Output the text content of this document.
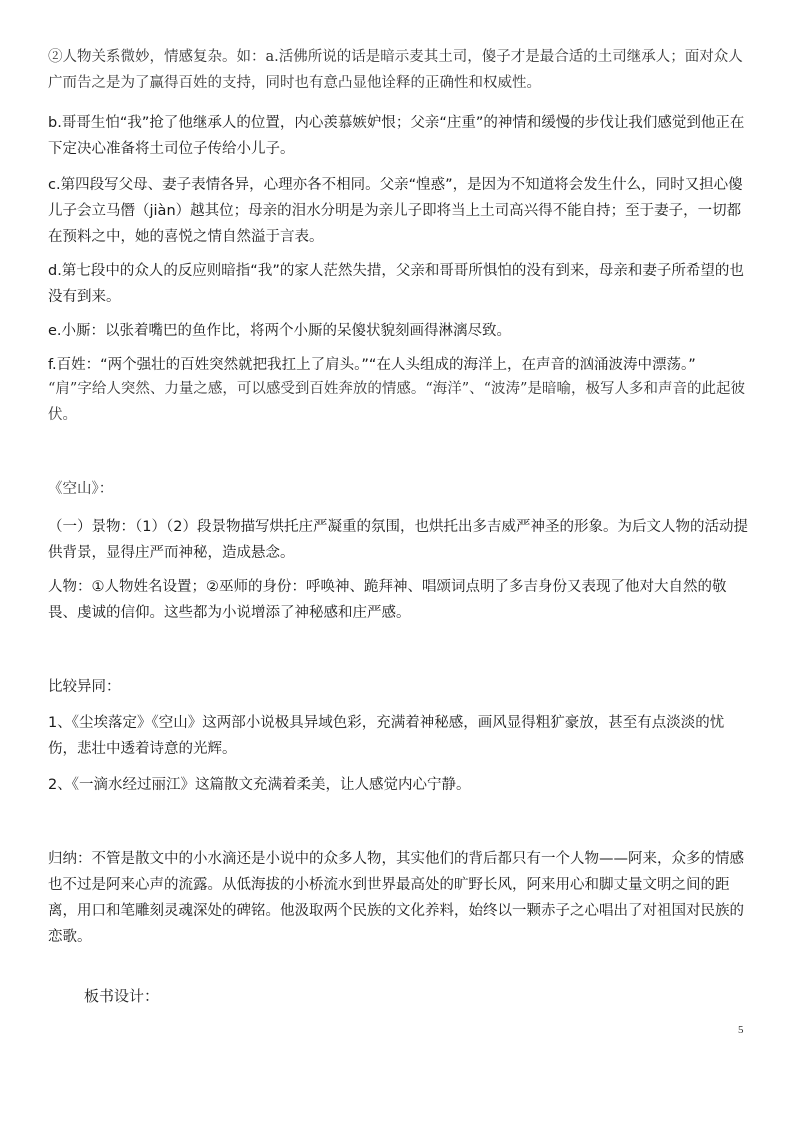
②人物关系微妙，情感复杂。如：a.活佛所说的话是暗示麦其土司，傻子才是最合适的土司继承人；面对众人广而告之是为了赢得百姓的支持，同时也有意凸显他诠释的正确性和权威性。

b.哥哥生怕“我”抢了他继承人的位置，内心羡慕嫉妒恨；父亲“庄重”的神情和缓慢的步伐让我们感觉到他正在下定决心准备将土司位子传给小儿子。

c.第四段写父母、妻子表情各异，心理亦各不相同。父亲“惶惑”，是因为不知道将会发生什么，同时又担心傻儿子会立马僭（jiàn）越其位；母亲的泪水分明是为亲儿子即将当上土司高兴得不能自持；至于妻子，一切都在预料之中，她的喜悦之情自然溢于言表。

d.第七段中的众人的反应则暗指“我”的家人茫然失措，父亲和哥哥所惧怕的没有到来，母亲和妻子所希望的也没有到来。

e.小厮：以张着嘴巴的鱼作比，将两个小厮的呆傻状貌刻画得淋漓尽致。

f.百姓：“两个强壮的百姓突然就把我扛上了肩头。”“在人头组成的海洋上，在声音的汹涌波涛中漂荡。”

“肩”字给人突然、力量之感，可以感受到百姓奔放的情感。“海洋”、“波涛”是暗喻，极写人多和声音的此起彼伏。

《空山》：

（一）景物：（1）（2）段景物描写烘托庄严凝重的氛围，也烘托出多吉威严神圣的形象。为后文人物的活动提供背景，显得庄严而神秘，造成悬念。

人物：①人物姓名设置；②巫师的身份：呼唤神、跪拜神、唱颂词点明了多吉身份又表现了他对大自然的敬畏、虔诚的信仰。这些都为小说增添了神秘感和庄严感。

比较异同：

1、《尘埃落定》《空山》这两部小说极具异域色彩，充满着神秘感，画风显得粗犷豪放，甚至有点淡淡的忧伤，悲壮中透着诗意的光辉。

2、《一滴水经过丽江》这篇散文充满着柔美，让人感觉内心宁静。

归纳：不管是散文中的小水滴还是小说中的众多人物，其实他们的背后都只有一个人物——阿来，众多的情感也不过是阿来心声的流露。从低海拔的小桥流水到世界最高处的旷野长风，阿来用心和脚丈量文明之间的距离，用口和笔雕刻灵魂深处的碑铭。他汲取两个民族的文化养料，始终以一颗赤子之心唱出了对祖国对民族的恋歌。

板书设计：

5
